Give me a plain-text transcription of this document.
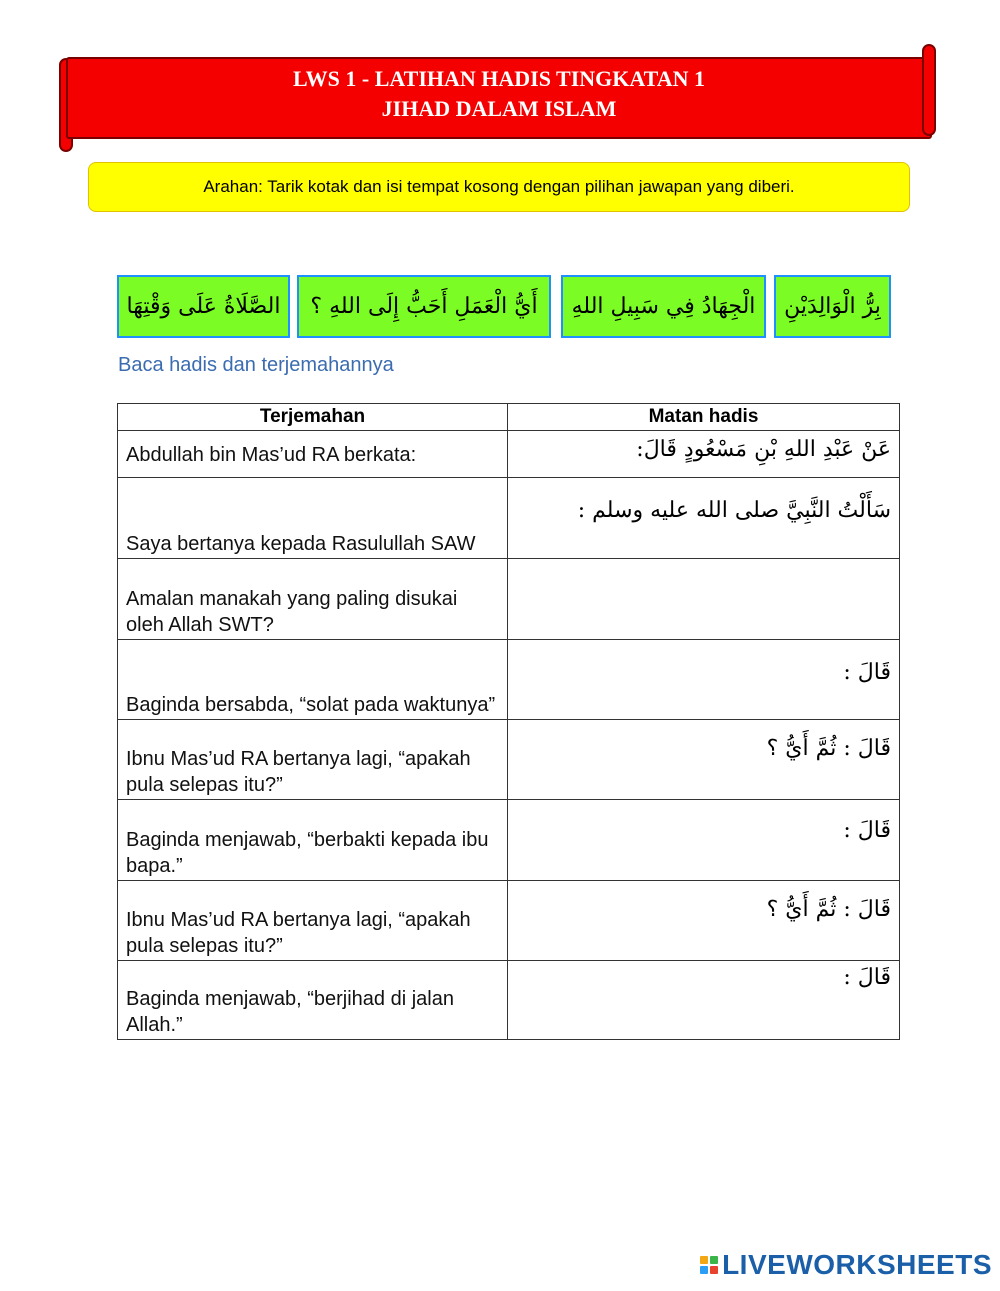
LWS 1 - LATIHAN HADIS TINGKATAN 1
JIHAD DALAM ISLAM
Arahan: Tarik kotak dan isi tempat kosong dengan pilihan jawapan yang diberi.
الصَّلَاةُ عَلَى وَقْتِهَا أَيُّ الْعَمَلِ أَحَبُّ إِلَى اللهِ ؟ الْجِهَادُ فِي سَبِيلِ اللهِ بِرُّ الْوَالِدَيْنِ
Baca hadis dan terjemahannya
Terjemahan	Matan hadis

Abdullah bin Mas’ud RA berkata:	عَنْ عَبْدِ اللهِ بْنِ مَسْعُودٍ قَالَ:

Saya bertanya kepada Rasulullah SAW	سَأَلْتُ النَّبِيَّ صلى الله عليه وسلم :

Amalan manakah yang paling disukai oleh Allah SWT?	

Baginda bersabda, “solat pada waktunya”	قَالَ :

Ibnu Mas’ud RA bertanya lagi, “apakah pula selepas itu?”	قَالَ : ثُمَّ أَيُّ ؟

Baginda menjawab, “berbakti kepada ibu bapa.”	قَالَ :

Ibnu Mas’ud RA bertanya lagi, “apakah pula selepas itu?”	قَالَ : ثُمَّ أَيُّ ؟

Baginda menjawab, “berjihad di jalan Allah.”	قَالَ :
LIVEWORKSHEETS
